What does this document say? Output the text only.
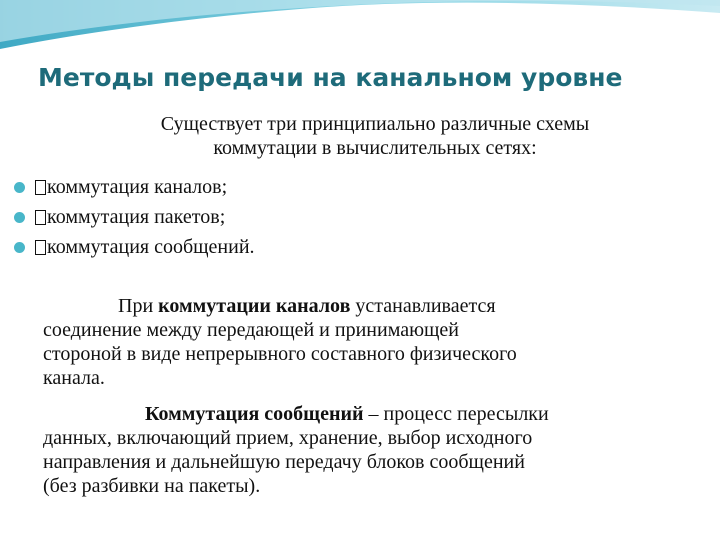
Методы передачи на канальном уровне
Существует три принципиально различные схемы
коммутации в вычислительных сетях:
коммутация каналов;
коммутация пакетов;
коммутация сообщений.
При коммутации каналов устанавливается
соединение между передающей и принимающей
стороной в виде непрерывного составного физического
канала.
Коммутация сообщений – процесс пересылки
данных, включающий прием, хранение, выбор исходного
направления и дальнейшую передачу блоков сообщений
(без разбивки на пакеты).
